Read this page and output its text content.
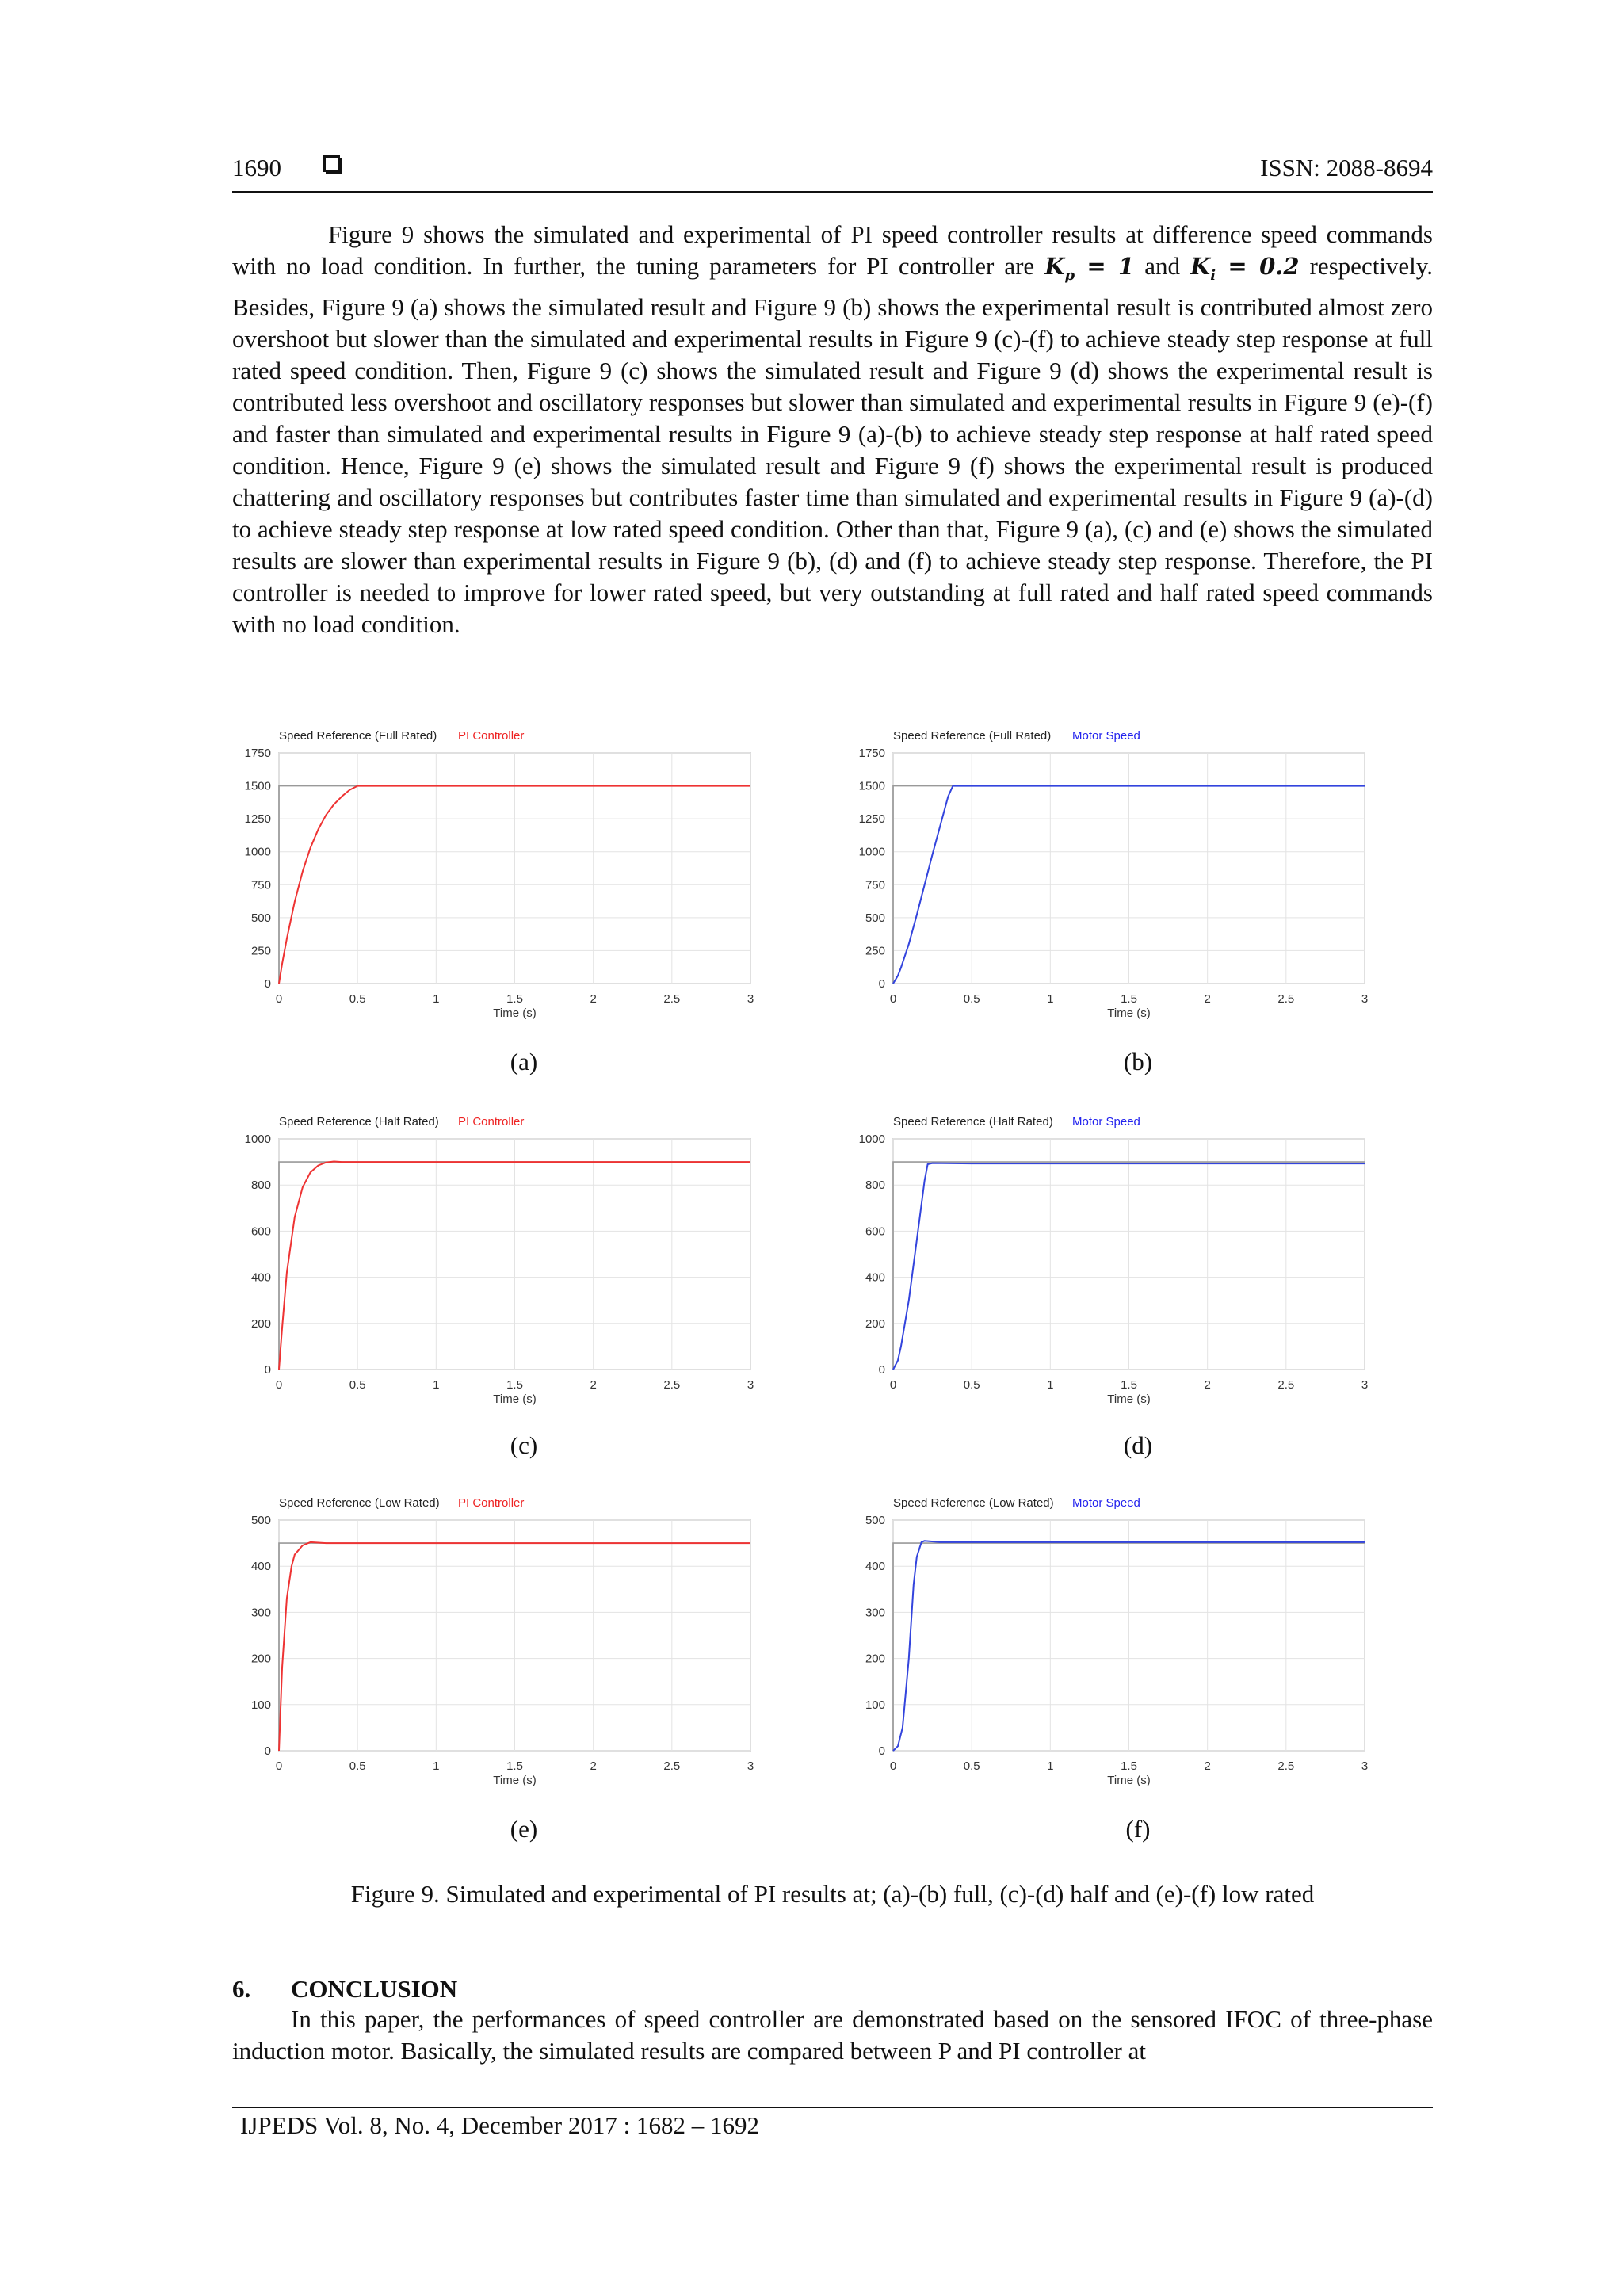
1690	ISSN: 2088-8694

Figure 9 shows the simulated and experimental of PI speed controller results at difference speed commands with no load condition. In further, the tuning parameters for PI controller are $K_p = 1$ and $K_i = 0.2$ respectively. Besides, Figure 9 (a) shows the simulated result and Figure 9 (b) shows the experimental result is contributed almost zero overshoot but slower than the simulated and experimental results in Figure 9 (c)-(f) to achieve steady step response at full rated speed condition. Then, Figure 9 (c) shows the simulated result and Figure 9 (d) shows the experimental result is contributed less overshoot and oscillatory responses but slower than simulated and experimental results in Figure 9 (e)-(f) and faster than simulated and experimental results in Figure 9 (a)-(b) to achieve steady step response at half rated speed condition. Hence, Figure 9 (e) shows the simulated result and Figure 9 (f) shows the experimental result is produced chattering and oscillatory responses but contributes faster time than simulated and experimental results in Figure 9 (a)-(d) to achieve steady step response at low rated speed condition. Other than that, Figure 9 (a), (c) and (e) shows the simulated results are slower than experimental results in Figure 9 (b), (d) and (f) to achieve steady step response. Therefore, the PI controller is needed to improve for lower rated speed, but very outstanding at full rated and half rated speed commands with no load condition.

Speed Reference (Full Rated) PI Controller
0
250
500
750
1000
1250
1500
1750
0	0.5	1	1.5	2	2.5	3
Time (s)
Speed Reference (Full Rated) Motor Speed
0
250
500
750
1000
1250
1500
1750
0	0.5	1	1.5	2	2.5	3
Time (s)
(a)	(b)
Speed Reference (Half Rated) PI Controller
0
200
400
600
800
1000
0	0.5	1	1.5	2	2.5	3
Time (s)
Speed Reference (Half Rated) Motor Speed
0
200
400
600
800
1000
0	0.5	1	1.5	2	2.5	3
Time (s)
(c)	(d)
Speed Reference (Low Rated) PI Controller
0
100
200
300
400
500
0	0.5	1	1.5	2	2.5	3
Time (s)
Speed Reference (Low Rated) Motor Speed
0
100
200
300
400
500
0	0.5	1	1.5	2	2.5	3
Time (s)
(e)	(f)

Figure 9. Simulated and experimental of PI results at; (a)-(b) full, (c)-(d) half and (e)-(f) low rated

6. CONCLUSION

In this paper, the performances of speed controller are demonstrated based on the sensored IFOC of three-phase induction motor. Basically, the simulated results are compared between P and PI controller at

IJPEDS Vol. 8, No. 4, December 2017 : 1682 – 1692
